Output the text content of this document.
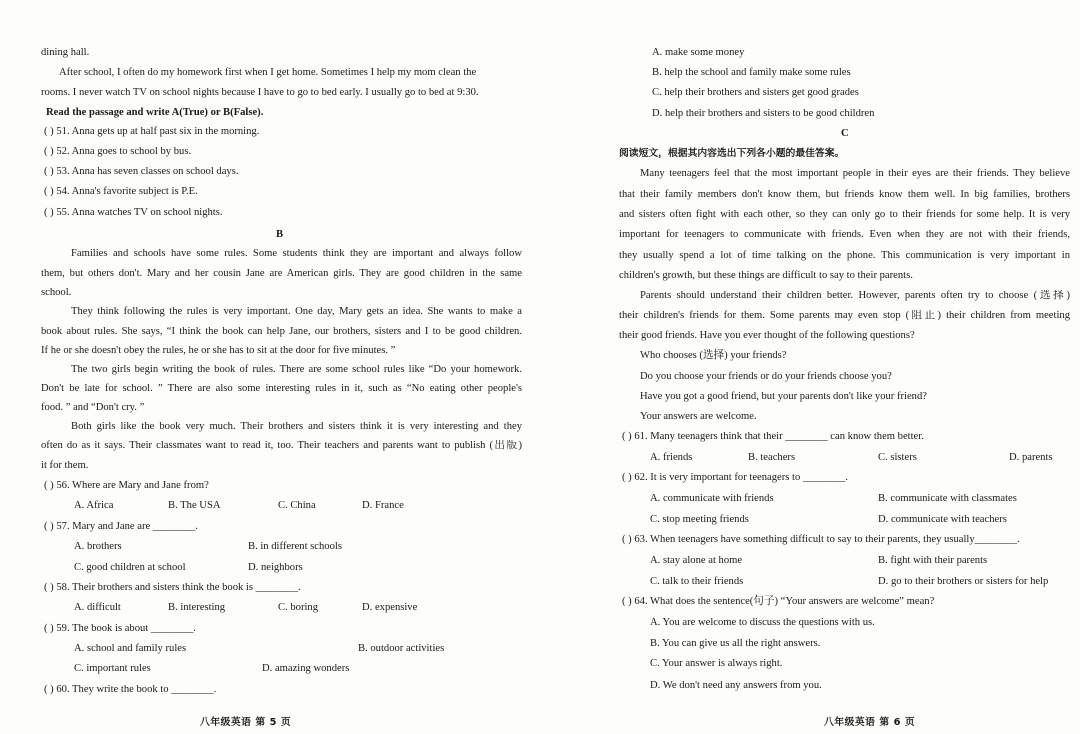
dining hall.
After school, I often do my homework first when I get home. Sometimes I help my mom clean the
rooms. I never watch TV on school nights because I have to go to bed early. I usually go to bed at 9:30.
Read the passage and write A(True) or B(False).
( ) 51. Anna gets up at half past six in the morning.
( ) 52. Anna goes to school by bus.
( ) 53. Anna has seven classes on school days.
( ) 54. Anna's favorite subject is P.E.
( ) 55. Anna watches TV on school nights.
B
Families and schools have some rules. Some students think they are important and always follow
them, but others don't. Mary and her cousin Jane are American girls. They are good children in the same
school.
They think following the rules is very important. One day, Mary gets an idea. She wants to make a
book about rules. She says, “I think the book can help Jane, our brothers, sisters and I to be good children.
If he or she doesn't obey the rules, he or she has to sit at the door for five minutes. ”
The two girls begin writing the book of rules. There are some school rules like “Do your homework.
Don't be late for school. ” There are also some interesting rules in it, such as “No eating other people's
food. ” and “Don't cry. ”
Both girls like the book very much. Their brothers and sisters think it is very interesting and they
often do as it says. Their classmates want to read it, too. Their teachers and parents want to publish (出版)
it for them.
( ) 56. Where are Mary and Jane from?
A. Africa	B. The USA	C. China	D. France
( ) 57. Mary and Jane are ________.
A. brothers	B. in different schools
C. good children at school	D. neighbors
( ) 58. Their brothers and sisters think the book is ________.
A. difficult	B. interesting	C. boring	D. expensive
( ) 59. The book is about ________.
A. school and family rules	B. outdoor activities
C. important rules	D. amazing wonders
( ) 60. They write the book to ________.
八年级英语 第 5 页
A. make some money
B. help the school and family make some rules
C. help their brothers and sisters get good grades
D. help their brothers and sisters to be good children
C
阅读短文，根据其内容选出下列各小题的最佳答案。
Many teenagers feel that the most important people in their eyes are their friends. They believe
that their family members don't know them, but friends know them well. In big families, brothers
and sisters often fight with each other, so they can only go to their friends for some help. It is very
important for teenagers to communicate with friends. Even when they are not with their friends,
they usually spend a lot of time talking on the phone. This communication is very important in
children's growth, but these things are difficult to say to their parents.
Parents should understand their children better. However, parents often try to choose (选择)
their children's friends for them. Some parents may even stop (阻止) their children from meeting
their good friends. Have you ever thought of the following questions?
Who chooses (选择) your friends?
Do you choose your friends or do your friends choose you?
Have you got a good friend, but your parents don't like your friend?
Your answers are welcome.
( ) 61. Many teenagers think that their ________ can know them better.
A. friends	B. teachers	C. sisters	D. parents
( ) 62. It is very important for teenagers to ________.
A. communicate with friends	B. communicate with classmates
C. stop meeting friends	D. communicate with teachers
( ) 63. When teenagers have something difficult to say to their parents, they usually________.
A. stay alone at home	B. fight with their parents
C. talk to their friends	D. go to their brothers or sisters for help
( ) 64. What does the sentence(句子) “Your answers are welcome” mean?
A. You are welcome to discuss the questions with us.
B. You can give us all the right answers.
C. Your answer is always right.
D. We don't need any answers from you.
八年级英语 第 6 页
